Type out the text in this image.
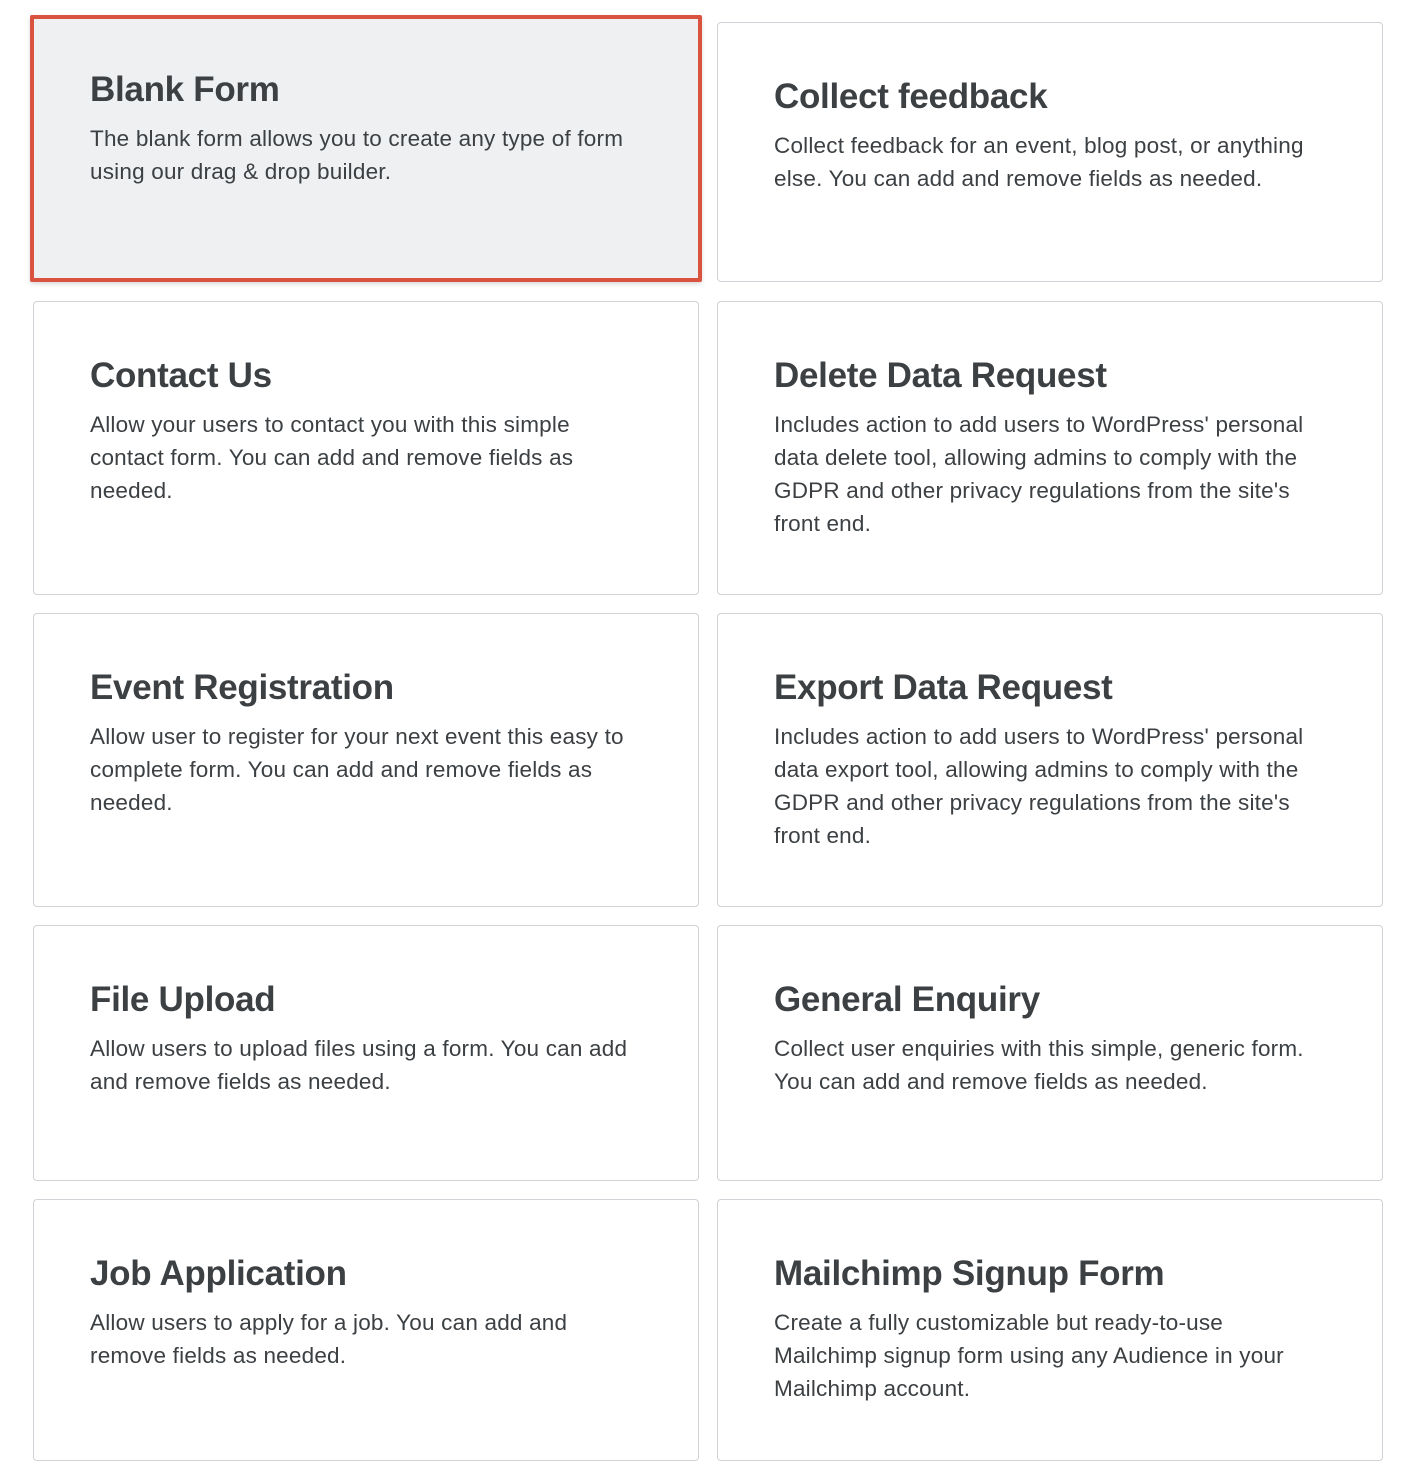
Blank Form

The blank form allows you to create any type of form using our drag & drop builder.

Collect feedback

Collect feedback for an event, blog post, or anything else. You can add and remove fields as needed.

Contact Us

Allow your users to contact you with this simple contact form. You can add and remove fields as needed.

Delete Data Request

Includes action to add users to WordPress' personal data delete tool, allowing admins to comply with the GDPR and other privacy regulations from the site's front end.

Event Registration

Allow user to register for your next event this easy to complete form. You can add and remove fields as needed.

Export Data Request

Includes action to add users to WordPress' personal data export tool, allowing admins to comply with the GDPR and other privacy regulations from the site's front end.

File Upload

Allow users to upload files using a form. You can add and remove fields as needed.

General Enquiry

Collect user enquiries with this simple, generic form. You can add and remove fields as needed.

Job Application

Allow users to apply for a job. You can add and remove fields as needed.

Mailchimp Signup Form

Create a fully customizable but ready-to-use Mailchimp signup form using any Audience in your Mailchimp account.
